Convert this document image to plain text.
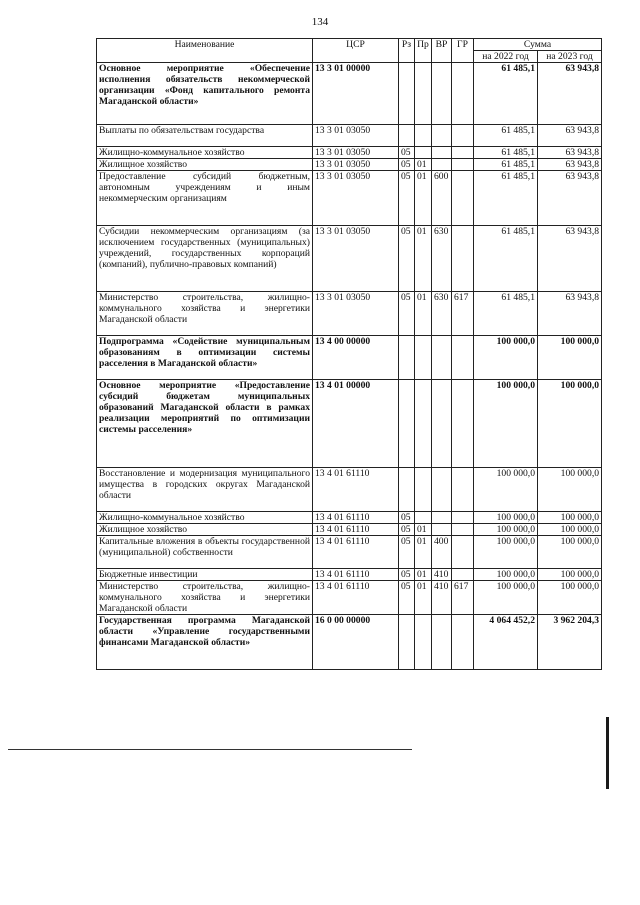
134
Наименование	ЦСР	Рз	Пр	ВР	ГР	Сумма	
						на 2022 год	на 2023 год
Основное мероприятие «Обеспечение исполнения обязательств некоммерческой организации «Фонд капитального ремонта Магаданской области»	13 3 01 00000					61 485,1	63 943,8
Выплаты по обязательствам государства	13 3 01 03050					61 485,1	63 943,8
Жилищно-коммунальное хозяйство	13 3 01 03050	05				61 485,1	63 943,8
Жилищное хозяйство	13 3 01 03050	05	01			61 485,1	63 943,8
Предоставление субсидий бюджетным, автономным учреждениям и иным некоммерческим организациям	13 3 01 03050	05	01	600		61 485,1	63 943,8
Субсидии некоммерческим организациям (за исключением государственных (муниципальных) учреждений, государственных корпораций (компаний), публично-правовых компаний)	13 3 01 03050	05	01	630		61 485,1	63 943,8
Министерство строительства, жилищно-коммунального хозяйства и энергетики Магаданской области	13 3 01 03050	05	01	630	617	61 485,1	63 943,8
Подпрограмма «Содействие муниципальным образованиям в оптимизации системы расселения в Магаданской области»	13 4 00 00000					100 000,0	100 000,0
Основное мероприятие «Предоставление субсидий бюджетам муниципальных образований Магаданской области в рамках реализации мероприятий по оптимизации системы расселения»	13 4 01 00000					100 000,0	100 000,0
Восстановление и модернизация муниципального имущества в городских округах Магаданской области	13 4 01 61110					100 000,0	100 000,0
Жилищно-коммунальное хозяйство	13 4 01 61110	05				100 000,0	100 000,0
Жилищное хозяйство	13 4 01 61110	05	01			100 000,0	100 000,0
Капитальные вложения в объекты государственной (муниципальной) собственности	13 4 01 61110	05	01	400		100 000,0	100 000,0
Бюджетные инвестиции	13 4 01 61110	05	01	410		100 000,0	100 000,0
Министерство строительства, жилищно-коммунального хозяйства и энергетики Магаданской области	13 4 01 61110	05	01	410	617	100 000,0	100 000,0
Государственная программа Магаданской области «Управление государственными финансами Магаданской области»	16 0 00 00000					4 064 452,2	3 962 204,3
